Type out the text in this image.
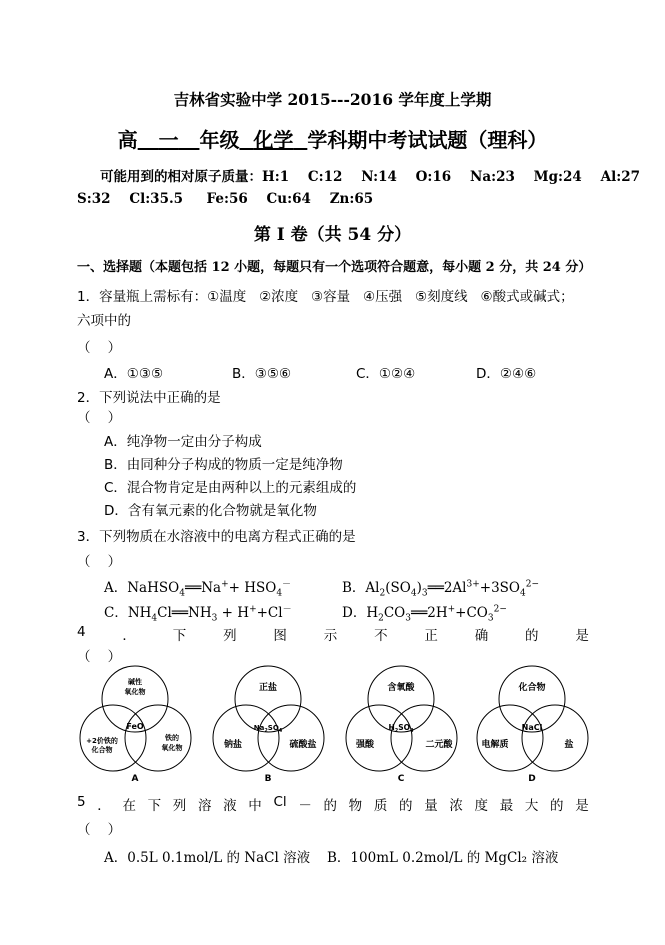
吉林省实验中学 2015---2016 学年度上学期
高 一 年级 化学 学科期中考试试题（理科）
可能用到的相对原子质量：H:1    C:12    N:14    O:16    Na:23    Mg:24    Al:27
S:32    Cl:35.5     Fe:56    Cu:64    Zn:65
第 I 卷（共 54 分）
一、选择题（本题包括 12 小题，每题只有一个选项符合题意，每小题 2 分，共 24 分）
1．容量瓶上需标有：①温度   ②浓度   ③容量   ④压强   ⑤刻度线   ⑥酸式或碱式；
六项中的
（    ）
A．①③⑤	B．③⑤⑥	C．①②④	D．②④⑥
2．下列说法中正确的是
（    ）
A．纯净物一定由分子构成
B．由同种分子构成的物质一定是纯净物
C．混合物肯定是由两种以上的元素组成的
D．含有氧元素的化合物就是氧化物
3．下列物质在水溶液中的电离方程式正确的是
（    ）
A．NaHSO$_4$══Na++ $HSO_4^-$	B．$Al_2(SO_4)_3══2Al^{3+}+3SO_4^{2-}$
C．$NH_4Cl══NH_3 + H^++Cl^-$	D．$H_2CO_3══2H^++CO_3^{2-}$
4	．	下	列	图	示	不	正	确	的	是
（    ）
碱性
氧化物
+2价铁的
化合物
铁的
氧化物
FeO
A
正盐
钠盐	硫酸盐
$Na_2SO_4$
B
含氧酸
强酸	二元酸
$H_2SO_4$
C
化合物
电解质	盐
NaCl
D
5 ． 在 下 列 溶 液 中 Cl － 的 物 质 的 量 浓 度 最 大 的 是
（    ）
A．0.5L 0.1mol/L 的 NaCl 溶液 B．100mL 0.2mol/L 的 MgCl₂ 溶液
